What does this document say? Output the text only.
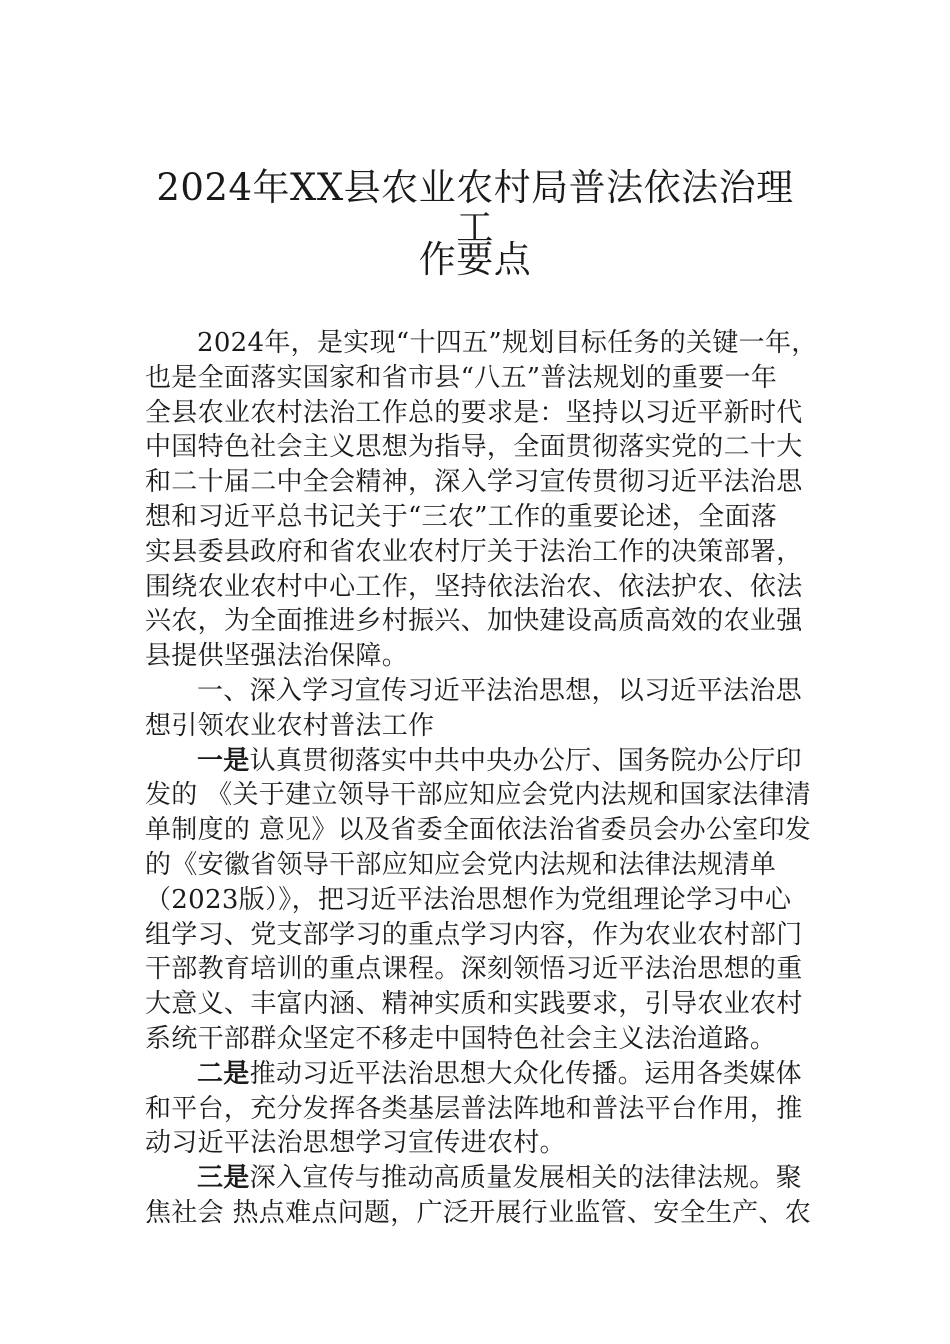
2024年XX县农业农村局普法依法治理工
作要点
2024年，是实现“十四五”规划目标任务的关键一年，
也是全面落实国家和省市县“八五”普法规划的重要一年
全县农业农村法治工作总的要求是：坚持以习近平新时代
中国特色社会主义思想为指导，全面贯彻落实党的二十大
和二十届二中全会精神，深入学习宣传贯彻习近平法治思
想和习近平总书记关于“三农”工作的重要论述，全面落
实县委县政府和省农业农村厅关于法治工作的决策部署，
围绕农业农村中心工作，坚持依法治农、依法护农、依法
兴农，为全面推进乡村振兴、加快建设高质高效的农业强
县提供坚强法治保障。
一、深入学习宣传习近平法治思想，以习近平法治思
想引领农业农村普法工作
一是认真贯彻落实中共中央办公厅、国务院办公厅印
发的 《关于建立领导干部应知应会党内法规和国家法律清
单制度的 意见》以及省委全面依法治省委员会办公室印发
的《安徽省领导干部应知应会党内法规和法律法规清单
（2023版）》，把习近平法治思想作为党组理论学习中心
组学习、党支部学习的重点学习内容，作为农业农村部门
干部教育培训的重点课程。深刻领悟习近平法治思想的重
大意义、丰富内涵、精神实质和实践要求，引导农业农村
系统干部群众坚定不移走中国特色社会主义法治道路。
二是推动习近平法治思想大众化传播。运用各类媒体
和平台，充分发挥各类基层普法阵地和普法平台作用，推
动习近平法治思想学习宣传进农村。
三是深入宣传与推动高质量发展相关的法律法规。聚
焦社会 热点难点问题，广泛开展行业监管、安全生产、农
